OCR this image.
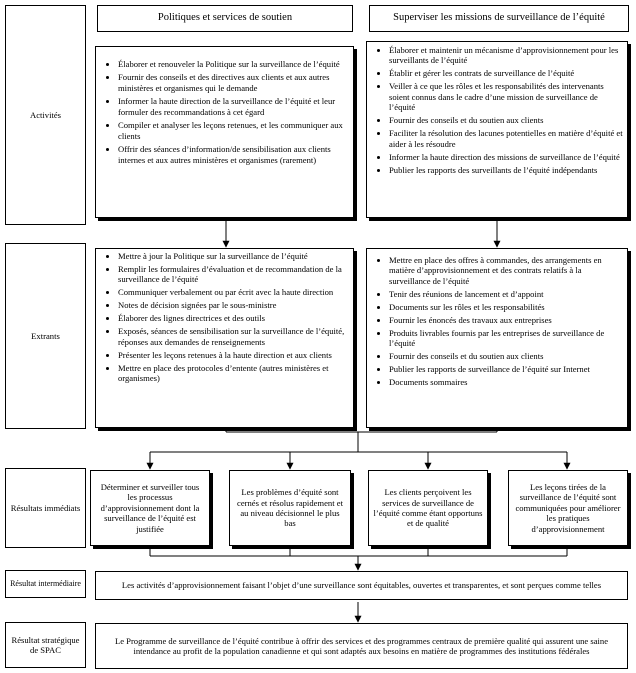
Politiques et services de soutien	Superviser les missions de surveillance de l’équité
Activités
Extrants
Résultats immédiats
Résultat intermédiaire
Résultat stratégique de SPAC
• Élaborer et renouveler la Politique sur la surveillance de l’équité
• Fournir des conseils et des directives aux clients et aux autres ministères et organismes qui le demande
• Informer la haute direction de la surveillance de l’équité et leur formuler des recommandations à cet égard
• Compiler et analyser les leçons retenues, et les communiquer aux clients
• Offrir des séances d’information/de sensibilisation aux clients internes et aux autres ministères et organismes (rarement)
• Élaborer et maintenir un mécanisme d’approvisionnement pour les surveillants de l’équité
• Établir et gérer les contrats de surveillance de l’équité
• Veiller à ce que les rôles et les responsabilités des intervenants soient connus dans le cadre d’une mission de surveillance de l’équité
• Fournir des conseils et du soutien aux clients
• Faciliter la résolution des lacunes potentielles en matière d’équité et aider à les résoudre
• Informer la haute direction des missions de surveillance de l’équité
• Publier les rapports des surveillants de l’équité indépendants
• Mettre à jour la Politique sur la surveillance de l’équité
• Remplir les formulaires d’évaluation et de recommandation de la surveillance de l’équité
• Communiquer verbalement ou par écrit avec la haute direction
• Notes de décision signées par le sous-ministre
• Élaborer des lignes directrices et des outils
• Exposés, séances de sensibilisation sur la surveillance de l’équité, réponses aux demandes de renseignements
• Présenter les leçons retenues à la haute direction et aux clients
• Mettre en place des protocoles d’entente (autres ministères et organismes)
• Mettre en place des offres à commandes, des arrangements en matière d’approvisionnement et des contrats relatifs à la surveillance de l’équité
• Tenir des réunions de lancement et d’appoint
• Documents sur les rôles et les responsabilités
• Fournir les énoncés des travaux aux entreprises
• Produits livrables fournis par les entreprises de surveillance de l’équité
• Fournir des conseils et du soutien aux clients
• Publier les rapports de surveillance de l’équité sur Internet
• Documents sommaires
Déterminer et surveiller tous les processus d’approvisionnement dont la surveillance de l’équité est justifiée
Les problèmes d’équité sont cernés et résolus rapidement et au niveau décisionnel le plus bas
Les clients perçoivent les services de surveillance de l’équité comme étant opportuns et de qualité
Les leçons tirées de la surveillance de l’équité sont communiquées pour améliorer les pratiques d’approvisionnement
Les activités d’approvisionnement faisant l’objet d’une surveillance sont équitables, ouvertes et transparentes, et sont perçues comme telles
Le Programme de surveillance de l’équité contribue à offrir des services et des programmes centraux de première qualité qui assurent une saine intendance au profit de la population canadienne et qui sont adaptés aux besoins en matière de programmes des institutions fédérales
